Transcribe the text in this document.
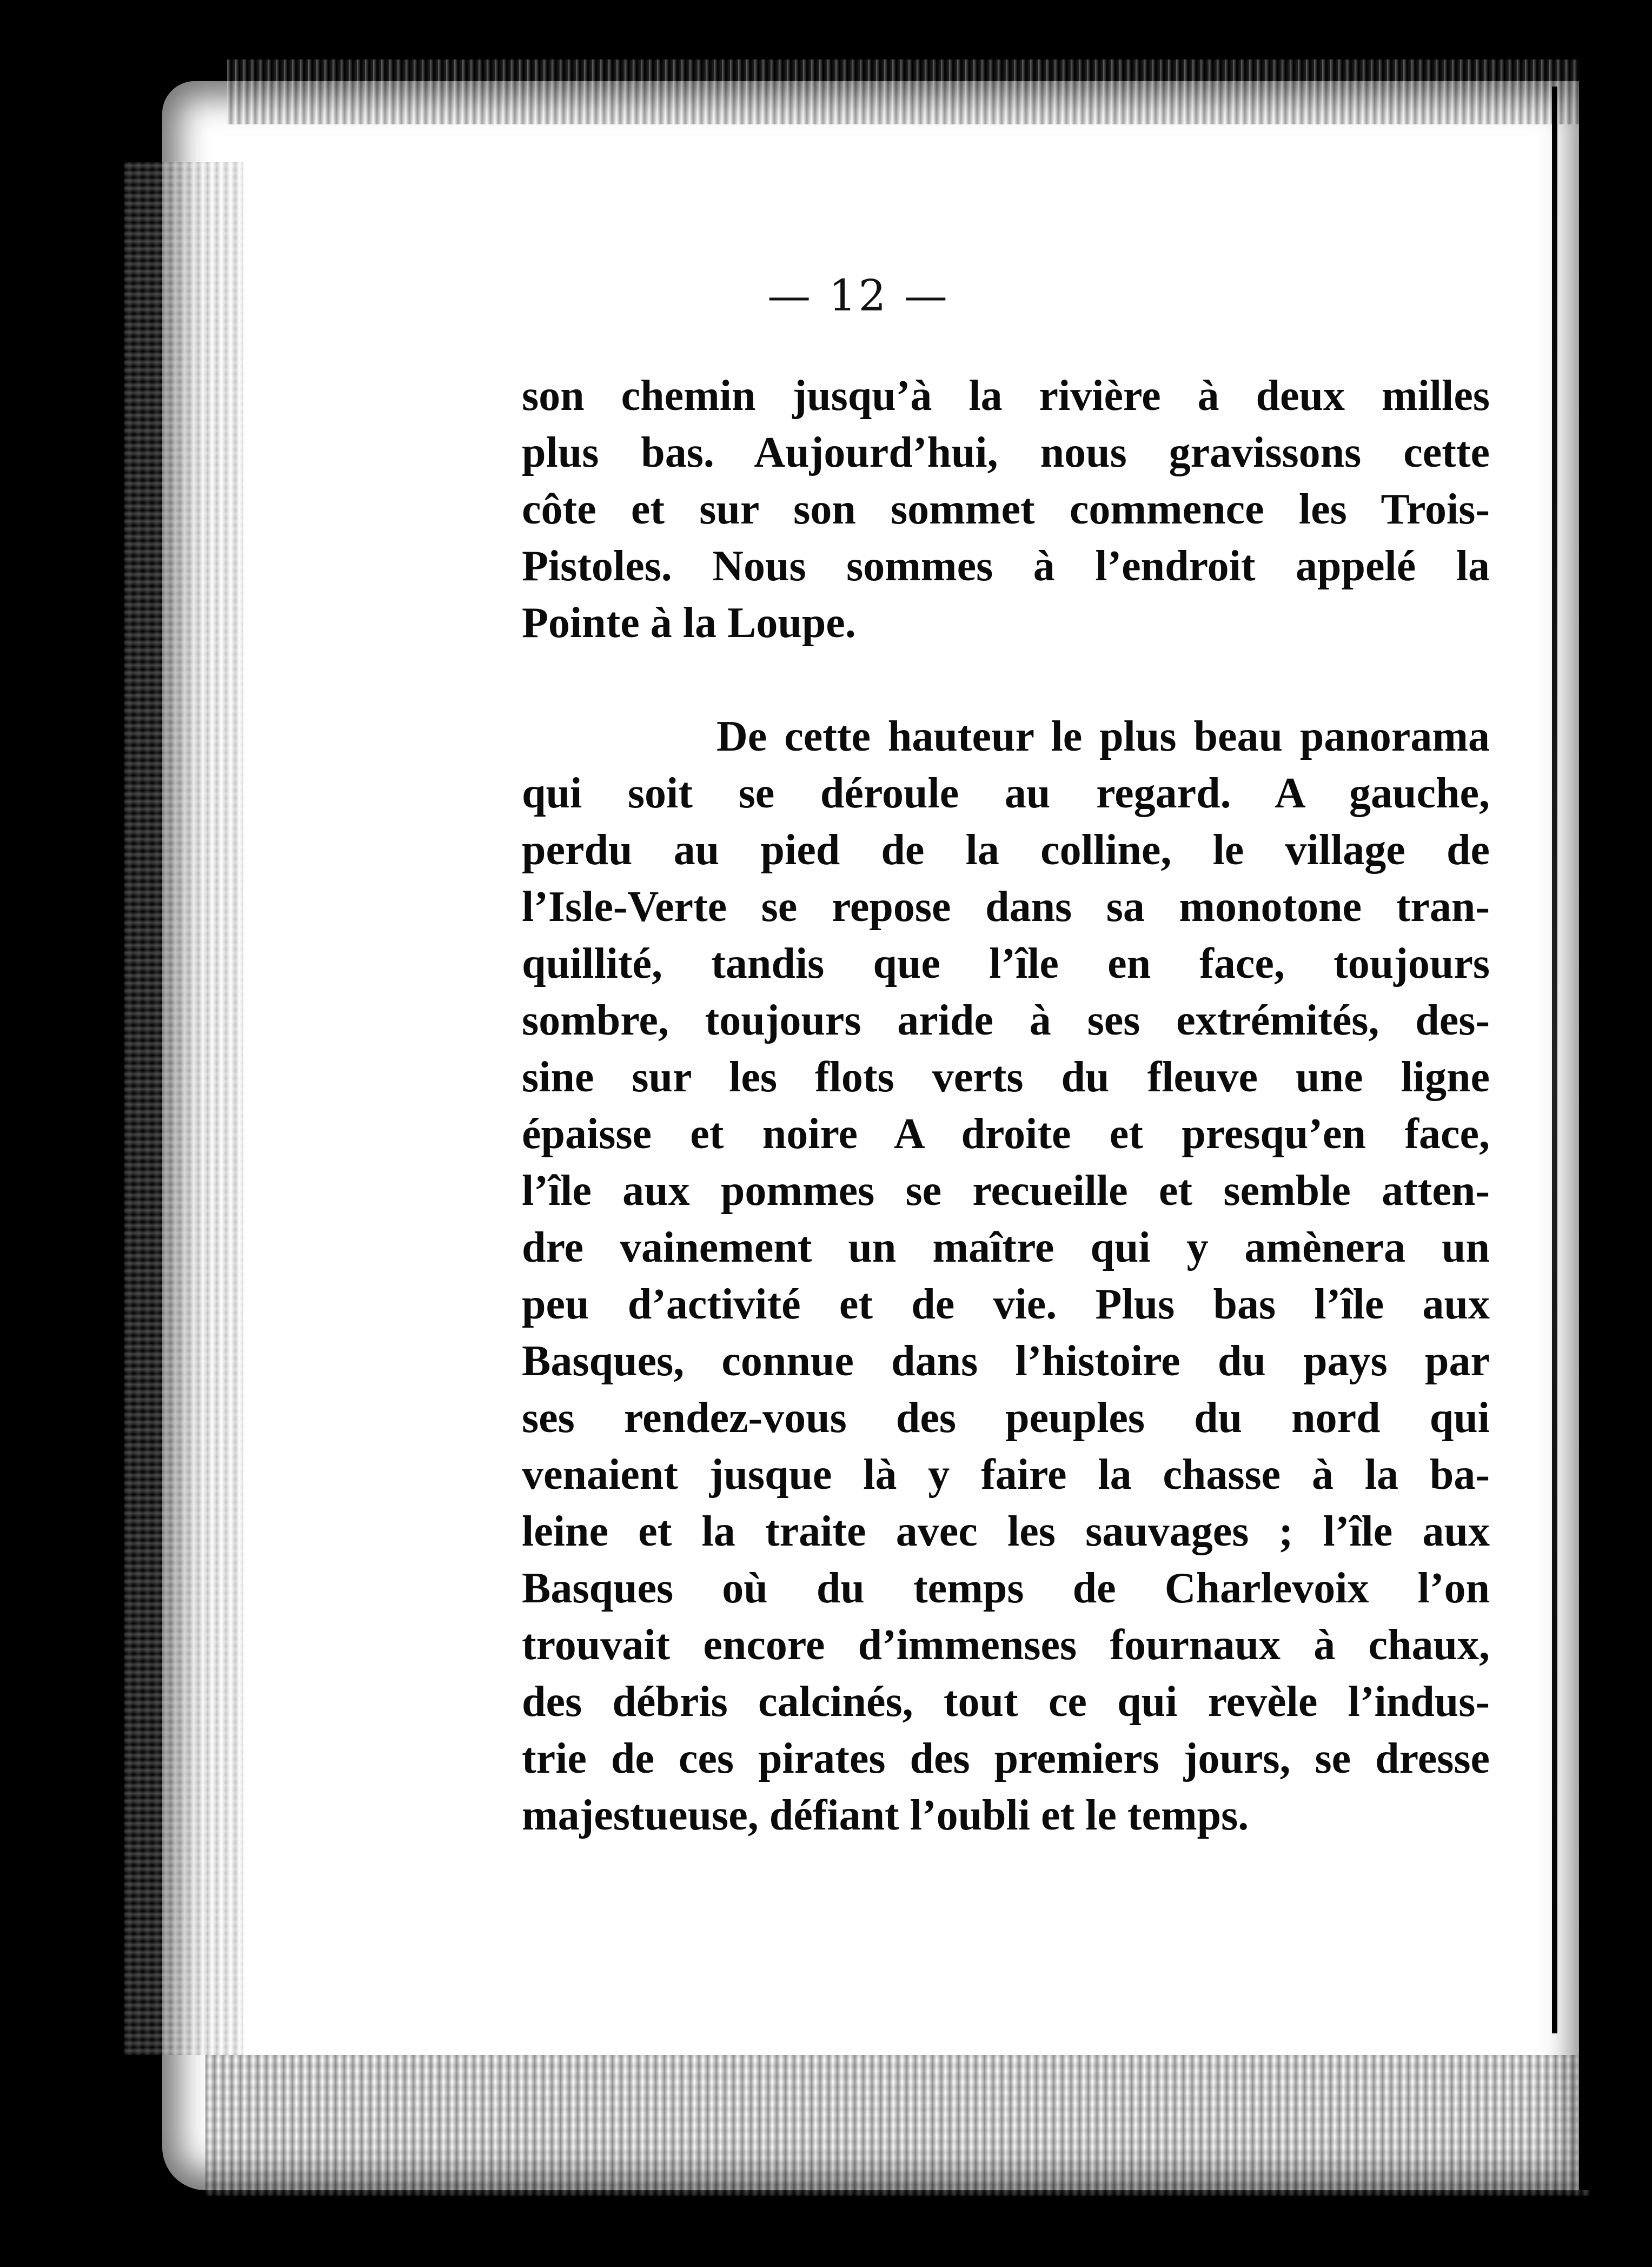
— 12 —

son chemin jusqu’à la rivière à deux milles
plus bas. Aujourd’hui, nous gravissons cette
côte et sur son sommet commence les Trois-
Pistoles. Nous sommes à l’endroit appelé la
Pointe à la Loupe.

De cette hauteur le plus beau panorama
qui soit se déroule au regard. A gauche,
perdu au pied de la colline, le village de
l’Isle-Verte se repose dans sa monotone tran-
quillité, tandis que l’île en face, toujours
sombre, toujours aride à ses extrémités, des-
sine sur les flots verts du fleuve une ligne
épaisse et noire A droite et presqu’en face,
l’île aux pommes se recueille et semble atten-
dre vainement un maître qui y amènera un
peu d’activité et de vie. Plus bas l’île aux
Basques, connue dans l’histoire du pays par
ses rendez-vous des peuples du nord qui
venaient jusque là y faire la chasse à la ba-
leine et la traite avec les sauvages ; l’île aux
Basques où du temps de Charlevoix l’on
trouvait encore d’immenses fournaux à chaux,
des débris calcinés, tout ce qui revèle l’indus-
trie de ces pirates des premiers jours, se dresse
majestueuse, défiant l’oubli et le temps.
